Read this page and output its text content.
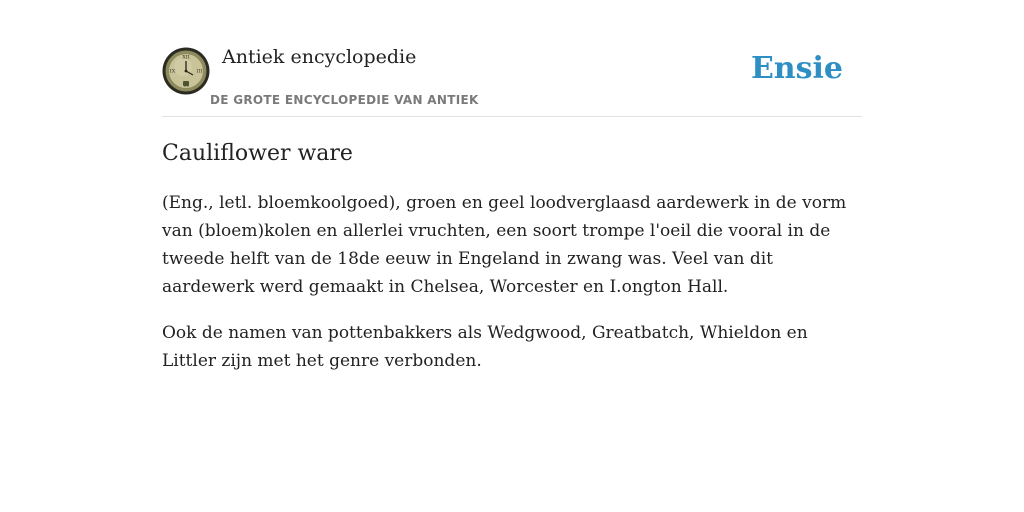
XII
III
IX
Antiek encyclopedie
DE GROTE ENCYCLOPEDIE VAN ANTIEK
Ensie
Cauliflower ware

(Eng., letl. bloemkoolgoed), groen en geel loodverglaasd aardewerk in de vorm van (bloem)kolen en allerlei vruchten, een soort trompe l'oeil die vooral in de tweede helft van de 18de eeuw in Engeland in zwang was. Veel van dit aardewerk werd gemaakt in Chelsea, Worcester en I.ongton Hall.

Ook de namen van pottenbakkers als Wedgwood, Greatbatch, Whieldon en Littler zijn met het genre verbonden.
